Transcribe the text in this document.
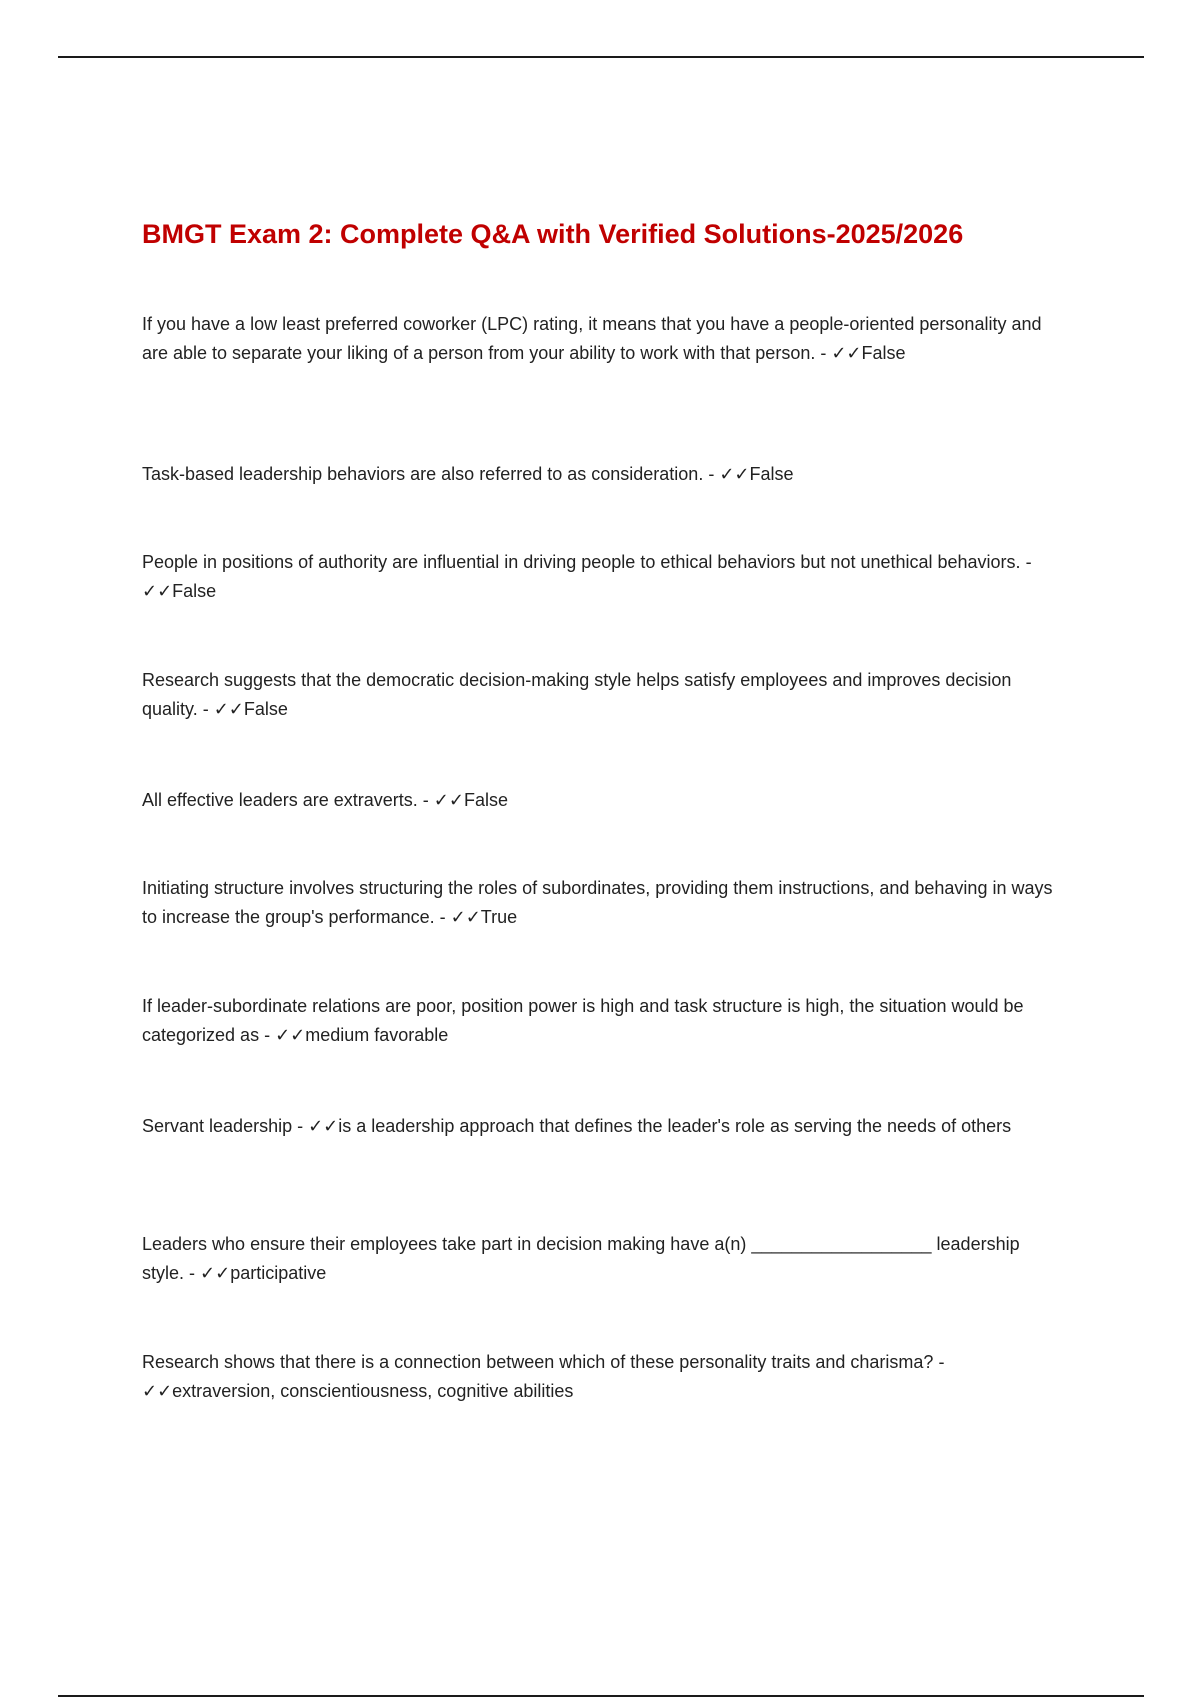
BMGT Exam 2: Complete Q&A with Verified Solutions-2025/2026

If you have a low least preferred coworker (LPC) rating, it means that you have a people-oriented personality and are able to separate your liking of a person from your ability to work with that person. - ✓✓False

Task-based leadership behaviors are also referred to as consideration. - ✓✓False

People in positions of authority are influential in driving people to ethical behaviors but not unethical behaviors. - ✓✓False

Research suggests that the democratic decision-making style helps satisfy employees and improves decision quality. - ✓✓False

All effective leaders are extraverts. - ✓✓False

Initiating structure involves structuring the roles of subordinates, providing them instructions, and behaving in ways to increase the group's performance. - ✓✓True

If leader-subordinate relations are poor, position power is high and task structure is high, the situation would be categorized as - ✓✓medium favorable

Servant leadership - ✓✓is a leadership approach that defines the leader's role as serving the needs of others

Leaders who ensure their employees take part in decision making have a(n) __________________ leadership style. - ✓✓participative

Research shows that there is a connection between which of these personality traits and charisma? - ✓✓extraversion, conscientiousness, cognitive abilities
